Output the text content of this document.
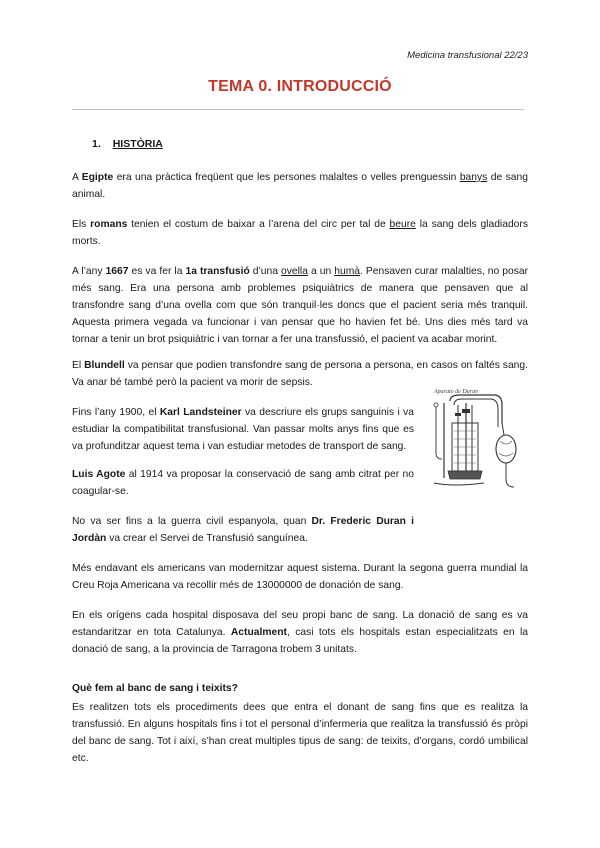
Medicina transfusional 22/23
TEMA 0. INTRODUCCIÓ
1. HISTÒRIA

A Egipte era una pràctica freqüent que les persones malaltes o velles prenguessin banys de sang animal.

Els romans tenien el costum de baixar a l’arena del circ per tal de beure la sang dels gladiadors morts.

A l’any 1667 es va fer la 1a transfusió d’una ovella a un humà. Pensaven curar malalties, no posar més sang. Era una persona amb problemes psiquiàtrics de manera que pensaven que al transfondre sang d’una ovella com que són tranquil·les doncs que el pacient seria més tranquil. Aquesta primera vegada va funcionar i van pensar que ho havien fet bé. Uns dies més tard va tornar a tenir un brot psiquiàtric i van tornar a fer una transfussió, el pacient va acabar morint.

El Blundell va pensar que podien transfondre sang de persona a persona, en casos on faltés sang. Va anar bé també però la pacient va morir de sepsis.

Fins l’any 1900, el Karl Landsteiner va descriure els grups sanguinis i va estudiar la compatibilitat transfusional. Van passar molts anys fins que es va profunditzar aquest tema i van estudiar metodes de transport de sang.

Luis Agote al 1914 va proposar la conservació de sang amb citrat per no coagular-se.

No va ser fins a la guerra civil espanyola, quan Dr. Frederic Duran i Jordàn va crear el Servei de Transfusió sanguínea.

Més endavant els americans van modernitzar aquest sistema. Durant la segona guerra mundial la Creu Roja Americana va recollir més de 13000000 de donación de sang.

En els orígens cada hospital disposava del seu propi banc de sang. La donació de sang es va estandaritzar en tota Catalunya. Actualment, casi tots els hospitals estan especialitzats en la donació de sang, a la provincia de Tarragona trobem 3 unitats.

Què fem al banc de sang i teixits?

Es realitzen tots els procediments dees que entra el donant de sang fins que es realitza la transfussió. En alguns hospitals fins i tot el personal d’infermeria que realitza la transfussió és pròpi del banc de sang. Tot i així, s’han creat multiples tipus de sang: de teixits, d’organs, cordó umbilical etc.

Aparato de Duran
